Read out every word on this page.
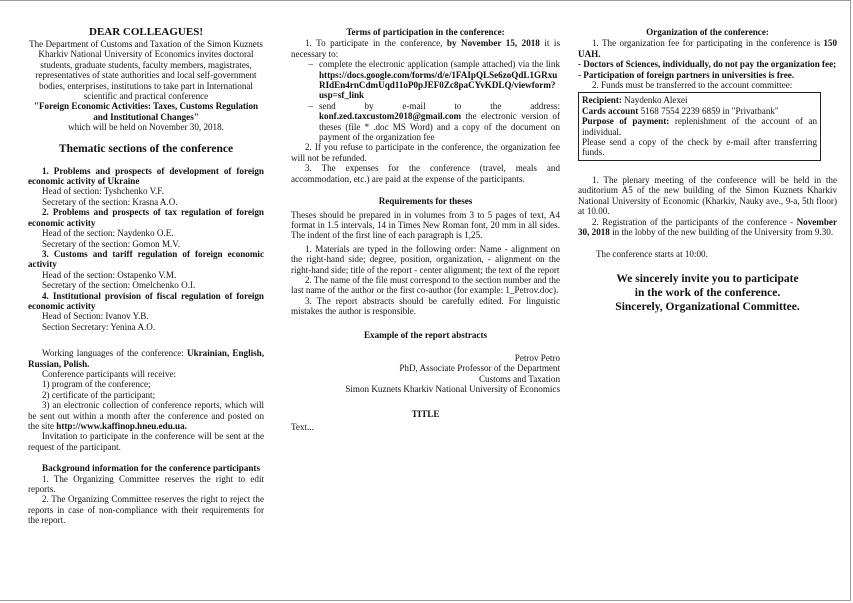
DEAR COLLEAGUES!

The Department of Customs and Taxation of the Simon Kuznets Kharkiv National University of Economics invites doctoral students, graduate students, faculty members, magistrates, representatives of state authorities and local self-government bodies, enterprises, institutions to take part in International scientific and practical conference

"Foreign Economic Activities: Taxes, Customs Regulation and Institutional Changes"

which will be held on November 30, 2018.

Thematic sections of the conference

1. Problems and prospects of development of foreign economic activity of Ukraine

Head of section: Tyshchenko V.F.

Secretary of the section: Krasna A.O.

2. Problems and prospects of tax regulation of foreign economic activity

Head of the section: Naydenko O.E.

Secretary of the section: Gomon M.V.

3. Customs and tariff regulation of foreign economic activity

Head of the section: Ostapenko V.M.

Secretary of the section: Omelchenko O.I.

4. Institutional provision of fiscal regulation of foreign economic activity

Head of Section: Ivanov Y.B.

Section Secretary: Yenina A.O.

Working languages of the conference: Ukrainian, English, Russian, Polish.

Conference participants will receive:

1) program of the conference;

2) certificate of the participant;

3) an electronic collection of conference reports, which will be sent out within a month after the conference and posted on the site http://www.kaffinop.hneu.edu.ua.

Invitation to participate in the conference will be sent at the request of the participant.

Background information for the conference participants

1. The Organizing Committee reserves the right to edit reports.

2. The Organizing Committee reserves the right to reject the reports in case of non-compliance with their requirements for the report.

Terms of participation in the conference:

1. To participate in the conference, by November 15, 2018 it is necessary to:

– complete the electronic application (sample attached) via the link https://docs.google.com/forms/d/e/1FAIpQLSe6zoQdL1GRxuRIdEn4rnCdmUqd11oP0pJEF0Zc8paCYvKDLQ/viewform?usp=sf_link
– send by e-mail to the address: konf.zed.taxcustom2018@gmail.com the electronic version of theses (file * .doc MS Word) and a copy of the document on payment of the organization fee

2. If you refuse to participate in the conference, the organization fee will not be refunded.

3. The expenses for the conference (travel, meals and accommodation, etc.) are paid at the expense of the participants.

Requirements for theses

Theses should be prepared in in volumes from 3 to 5 pages of text, A4 format in 1.5 intervals, 14 in Times New Roman font, 20 mm in all sides. The indent of the first line of each paragraph is 1,25.

1. Materials are typed in the following order: Name - alignment on the right-hand side; degree, position, organization, - alignment on the right-hand side; title of the report - center alignment; the text of the report

2. The name of the file must correspond to the section number and the last name of the author or the first co-author (for example: 1_Petrov.doc).

3. The report abstracts should be carefully edited. For linguistic mistakes the author is responsible.

Example of the report abstracts

Petrov Petro

PhD, Associate Professor of the Department

Customs and Taxation

Simon Kuznets Kharkiv National University of Economics

TITLE

Text...

Organization of the conference:

1. The organization fee for participating in the conference is 150 UAH.

- Doctors of Sciences, individually, do not pay the organization fee;

- Participation of foreign partners in universities is free.

2. Funds must be transferred to the account committee:

Recipient: Naydenko Alexei

Cards account 5168 7554 2239 6859 in "Privatbank"

Purpose of payment: replenishment of the account of an individual.

Please send a copy of the check by e-mail after transferring funds.

1. The plenary meeting of the conference will be held in the auditorium A5 of the new building of the Simon Kuznets Kharkiv National University of Economic (Kharkiv, Nauky ave., 9-a, 5th floor) at 10.00.

2. Registration of the participants of the conference - November 30, 2018 in the lobby of the new building of the University from 9.30.

The conference starts at 10:00.

We sincerely invite you to participate
in the work of the conference.
Sincerely, Organizational Committee.
